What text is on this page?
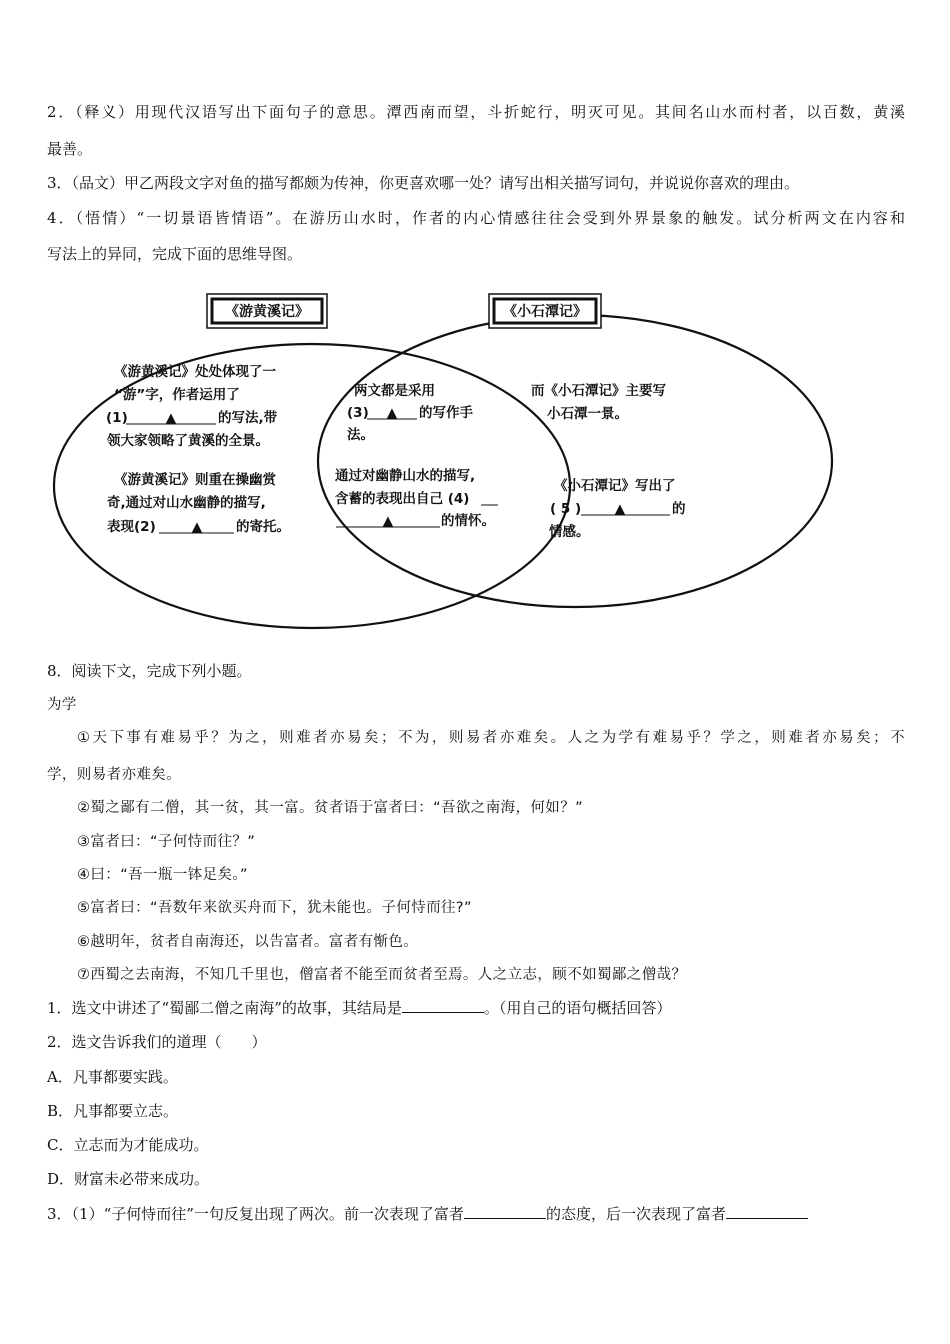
2．（释义）用现代汉语写出下面句子的意思。潭西南而望，斗折蛇行，明灭可见。其间名山水而村者，以百数，黄溪
最善。
3．（品文）甲乙两段文字对鱼的描写都颇为传神，你更喜欢哪一处？请写出相关描写词句，并说说你喜欢的理由。
4．（悟情）“一切景语皆情语”。在游历山水时，作者的内心情感往往会受到外界景象的触发。试分析两文在内容和
写法上的异同，完成下面的思维导图。
《游黄溪记》	《小石潭记》
《游黄溪记》处处体现了一
“游”字，作者运用了
(1)	▲	的写法,带
领大家领略了黄溪的全景。
《游黄溪记》则重在操幽赏
奇,通过对山水幽静的描写,
表现(2)	▲	的寄托。
两文都是采用
(3) ▲ 的写作手
法。
通过对幽静山水的描写,
含蓄的表现出自己 (4)
▲	的情怀。
而《小石潭记》主要写
小石潭一景。
《小石潭记》写出了
( 5 ) ▲	的
情感。
8．阅读下文，完成下列小题。
为学
①天下事有难易乎？为之，则难者亦易矣；不为，则易者亦难矣。人之为学有难易乎？学之，则难者亦易矣；不
学，则易者亦难矣。
②蜀之鄙有二僧，其一贫，其一富。贫者语于富者曰：“吾欲之南海，何如？”
③富者曰：“子何恃而往？”
④曰：“吾一瓶一钵足矣。”
⑤富者曰：“吾数年来欲买舟而下，犹未能也。子何恃而往?”
⑥越明年，贫者自南海还，以告富者。富者有惭色。
⑦西蜀之去南海，不知几千里也，僧富者不能至而贫者至焉。人之立志，顾不如蜀鄙之僧哉？
1．选文中讲述了“蜀鄙二僧之南海”的故事，其结局是	。（用自己的语句概括回答）
2．选文告诉我们的道理（　　）
A．凡事都要实践。
B．凡事都要立志。
C．立志而为才能成功。
D．财富未必带来成功。
3．（1）“子何恃而往”一句反复出现了两次。前一次表现了富者	的态度，后一次表现了富者
